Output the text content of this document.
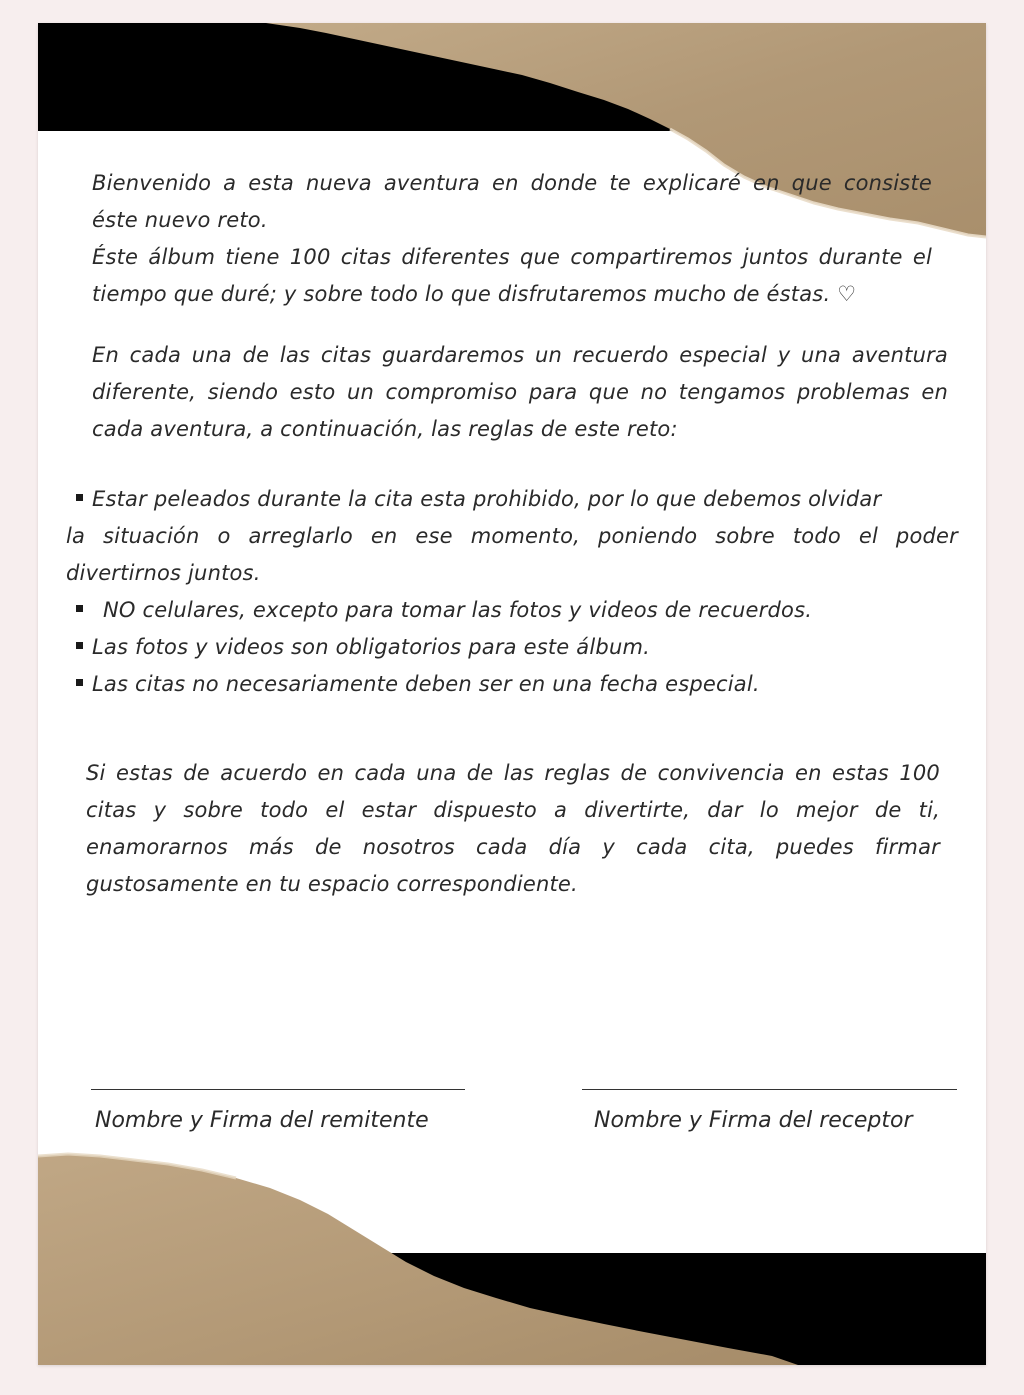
Bienvenido a esta nueva aventura en donde te explicaré en que consiste
éste nuevo reto.
Éste álbum tiene 100 citas diferentes que compartiremos juntos durante el
tiempo que duré; y sobre todo lo que disfrutaremos mucho de éstas. ♡

En cada una de las citas guardaremos un recuerdo especial y una aventura
diferente, siendo esto un compromiso para que no tengamos problemas en
cada aventura, a continuación, las reglas de este reto:

Estar peleados durante la cita esta prohibido, por lo que debemos olvidar
la situación o arreglarlo en ese momento, poniendo sobre todo el poder
divertirnos juntos.
NO celulares, excepto para tomar las fotos y videos de recuerdos.
Las fotos y videos son obligatorios para este álbum.
Las citas no necesariamente deben ser en una fecha especial.

Si estas de acuerdo en cada una de las reglas de convivencia en estas 100
citas y sobre todo el estar dispuesto a divertirte, dar lo mejor de ti,
enamorarnos más de nosotros cada día y cada cita, puedes firmar
gustosamente en tu espacio correspondiente.

Nombre y Firma del remitente	Nombre y Firma del receptor
